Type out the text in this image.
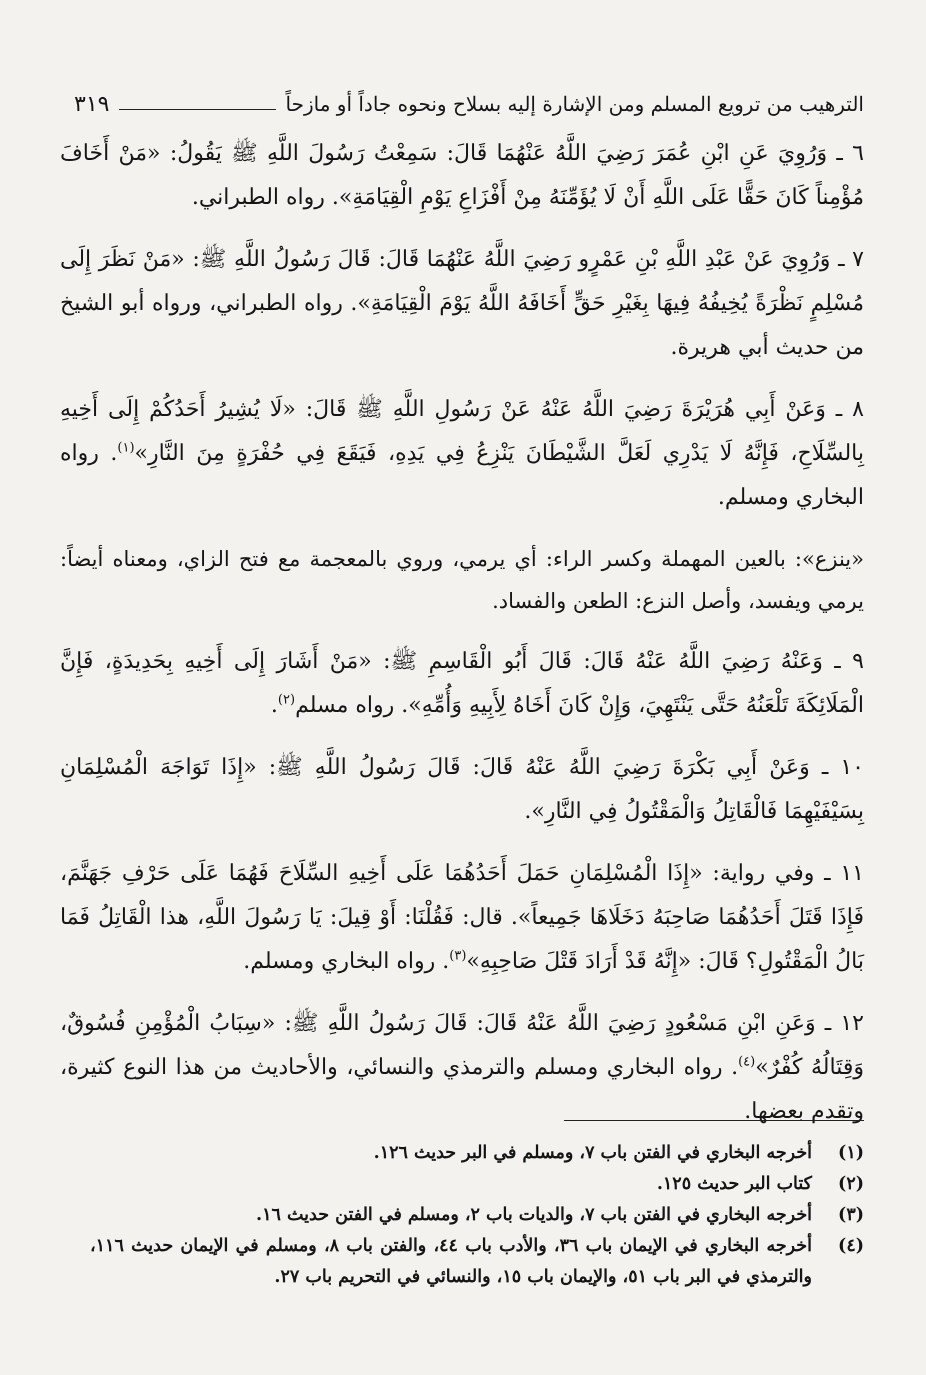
الترهيب من ترويع المسلم ومن الإشارة إليه بسلاح ونحوه جاداً أو مازحاً
٣١٩

٦ ـ وَرُوِيَ عَنِ ابْنِ عُمَرَ رَضِيَ اللَّهُ عَنْهُمَا قَالَ: سَمِعْتُ رَسُولَ اللَّهِ ﷺ يَقُولُ: «مَنْ أَخَافَ مُؤْمِناً كَانَ حَقًّا عَلَى اللَّهِ أَنْ لَا يُؤَمِّنَهُ مِنْ أَفْزَاعِ يَوْمِ الْقِيَامَةِ». رواه الطبراني.

٧ ـ وَرُوِيَ عَنْ عَبْدِ اللَّهِ بْنِ عَمْرٍو رَضِيَ اللَّهُ عَنْهُمَا قَالَ: قَالَ رَسُولُ اللَّهِ ﷺ: «مَنْ نَظَرَ إِلَى مُسْلِمٍ نَظْرَةً يُخِيفُهُ فِيهَا بِغَيْرِ حَقٍّ أَخَافَهُ اللَّهُ يَوْمَ الْقِيَامَةِ». رواه الطبراني، ورواه أبو الشيخ من حديث أبي هريرة.

٨ ـ وَعَنْ أَبِي هُرَيْرَةَ رَضِيَ اللَّهُ عَنْهُ عَنْ رَسُولِ اللَّهِ ﷺ قَالَ: «لَا يُشِيرُ أَحَدُكُمْ إِلَى أَخِيهِ بِالسِّلَاحِ، فَإِنَّهُ لَا يَدْرِي لَعَلَّ الشَّيْطَانَ يَنْزِعُ فِي يَدِهِ، فَيَقَعَ فِي حُفْرَةٍ مِنَ النَّارِ»$^{(١)}$. رواه البخاري ومسلم.

«ينزع»: بالعين المهملة وكسر الراء: أي يرمي، وروي بالمعجمة مع فتح الزاي، ومعناه أيضاً: يرمي ويفسد، وأصل النزع: الطعن والفساد.

٩ ـ وَعَنْهُ رَضِيَ اللَّهُ عَنْهُ قَالَ: قَالَ أَبُو الْقَاسِمِ ﷺ: «مَنْ أَشَارَ إِلَى أَخِيهِ بِحَدِيدَةٍ، فَإِنَّ الْمَلَائِكَةَ تَلْعَنُهُ حَتَّى يَنْتَهِيَ، وَإِنْ كَانَ أَخَاهُ لِأَبِيهِ وَأُمِّهِ». رواه مسلم$^{(٢)}$.

١٠ ـ وَعَنْ أَبِي بَكْرَةَ رَضِيَ اللَّهُ عَنْهُ قَالَ: قَالَ رَسُولُ اللَّهِ ﷺ: «إِذَا تَوَاجَهَ الْمُسْلِمَانِ بِسَيْفَيْهِمَا فَالْقَاتِلُ وَالْمَقْتُولُ فِي النَّارِ».

١١ ـ وفي رواية: «إِذَا الْمُسْلِمَانِ حَمَلَ أَحَدُهُمَا عَلَى أَخِيهِ السِّلَاحَ فَهُمَا عَلَى حَرْفِ جَهَنَّمَ، فَإِذَا قَتَلَ أَحَدُهُمَا صَاحِبَهُ دَخَلَاهَا جَمِيعاً». قال: فَقُلْنَا: أَوْ قِيلَ: يَا رَسُولَ اللَّهِ، هذا الْقَاتِلُ فَمَا بَالُ الْمَقْتُولِ؟ قَالَ: «إِنَّهُ قَدْ أَرَادَ قَتْلَ صَاحِبِهِ»$^{(٣)}$. رواه البخاري ومسلم.

١٢ ـ وَعَنِ ابْنِ مَسْعُودٍ رَضِيَ اللَّهُ عَنْهُ قَالَ: قَالَ رَسُولُ اللَّهِ ﷺ: «سِبَابُ الْمُؤْمِنِ فُسُوقٌ، وَقِتَالُهُ كُفْرٌ»$^{(٤)}$. رواه البخاري ومسلم والترمذي والنسائي، والأحاديث من هذا النوع كثيرة، وتقدم بعضها.

(١)
أخرجه البخاري في الفتن باب ٧، ومسلم في البر حديث ١٢٦.
(٢)
كتاب البر حديث ١٢٥.
(٣)
أخرجه البخاري في الفتن باب ٧، والديات باب ٢، ومسلم في الفتن حديث ١٦.
(٤)
أخرجه البخاري في الإيمان باب ٣٦، والأدب باب ٤٤، والفتن باب ٨، ومسلم في الإيمان حديث ١١٦، والترمذي في البر باب ٥١، والإيمان باب ١٥، والنسائي في التحريم باب ٢٧.
